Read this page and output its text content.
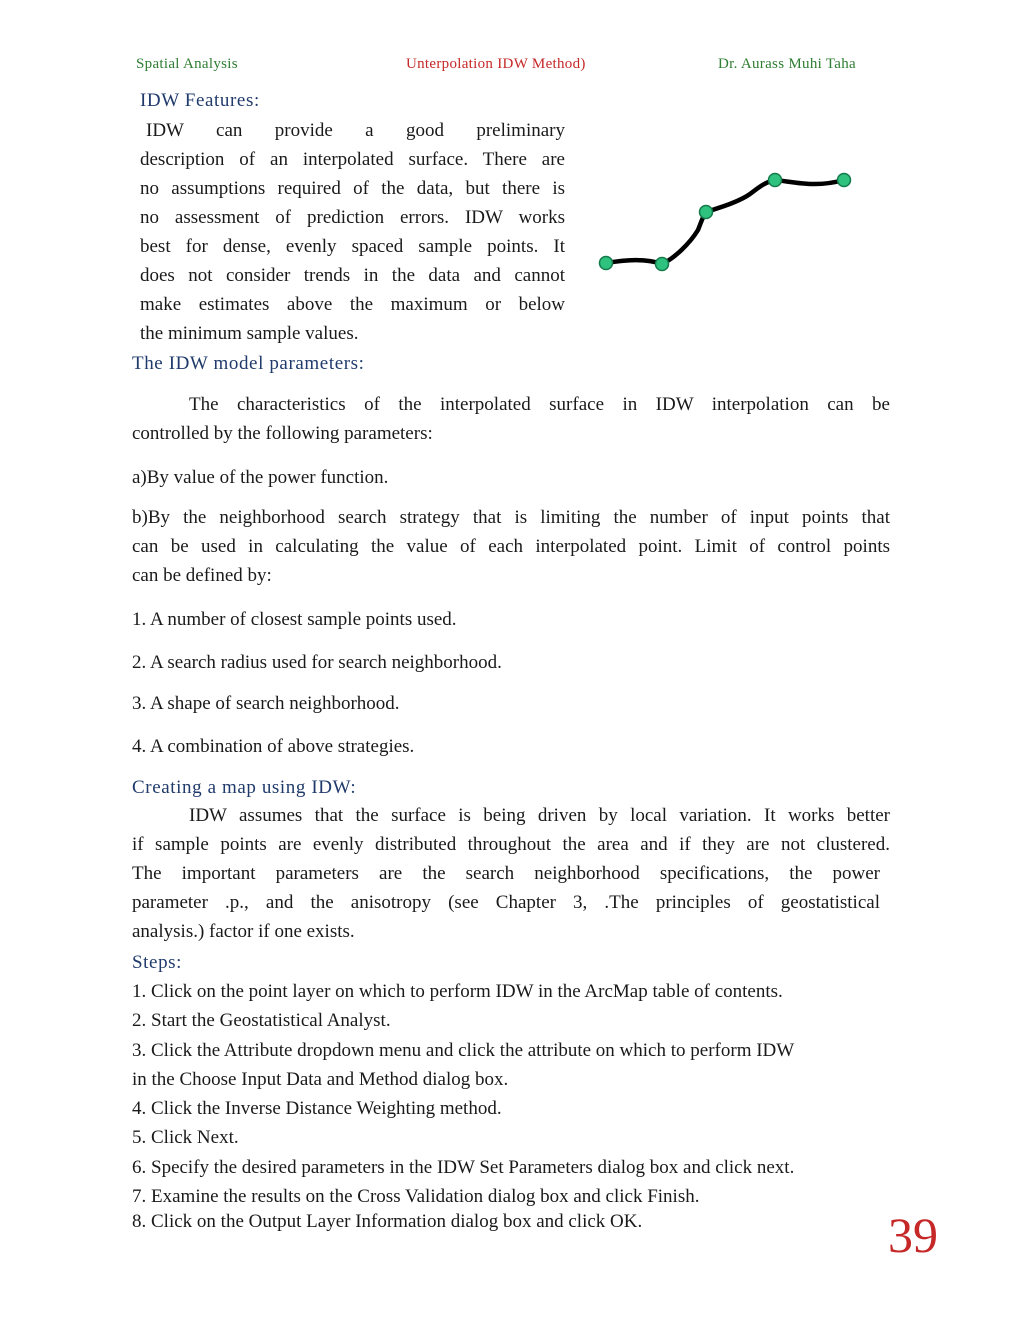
Spatial Analysis	Unterpolation IDW Method)	Dr. Aurass Muhi Taha
IDW Features:
IDW can provide a good preliminary
description of an interpolated surface. There are
no assumptions required of the data, but there is
no assessment of prediction errors. IDW works
best for dense, evenly spaced sample points. It
does not consider trends in the data and cannot
make estimates above the maximum or below
the minimum sample values.
The IDW model parameters:
The characteristics of the interpolated surface in IDW interpolation can be
controlled by the following parameters:
a)By value of the power function.
b)By the neighborhood search strategy that is limiting the number of input points that
can be used in calculating the value of each interpolated point. Limit of control points
can be defined by:
1. A number of closest sample points used.
2. A search radius used for search neighborhood.
3. A shape of search neighborhood.
4. A combination of above strategies.
Creating a map using IDW:
IDW assumes that the surface is being driven by local variation. It works better
if sample points are evenly distributed throughout the area and if they are not clustered.
The important parameters are the search neighborhood specifications, the power
parameter .p., and the anisotropy (see Chapter 3, .The principles of geostatistical
analysis.) factor if one exists.
Steps:
1. Click on the point layer on which to perform IDW in the ArcMap table of contents.
2. Start the Geostatistical Analyst.
3. Click the Attribute dropdown menu and click the attribute on which to perform IDW
in the Choose Input Data and Method dialog box.
4. Click the Inverse Distance Weighting method.
5. Click Next.
6. Specify the desired parameters in the IDW Set Parameters dialog box and click next.
7. Examine the results on the Cross Validation dialog box and click Finish.
8. Click on the Output Layer Information dialog box and click OK.	39
